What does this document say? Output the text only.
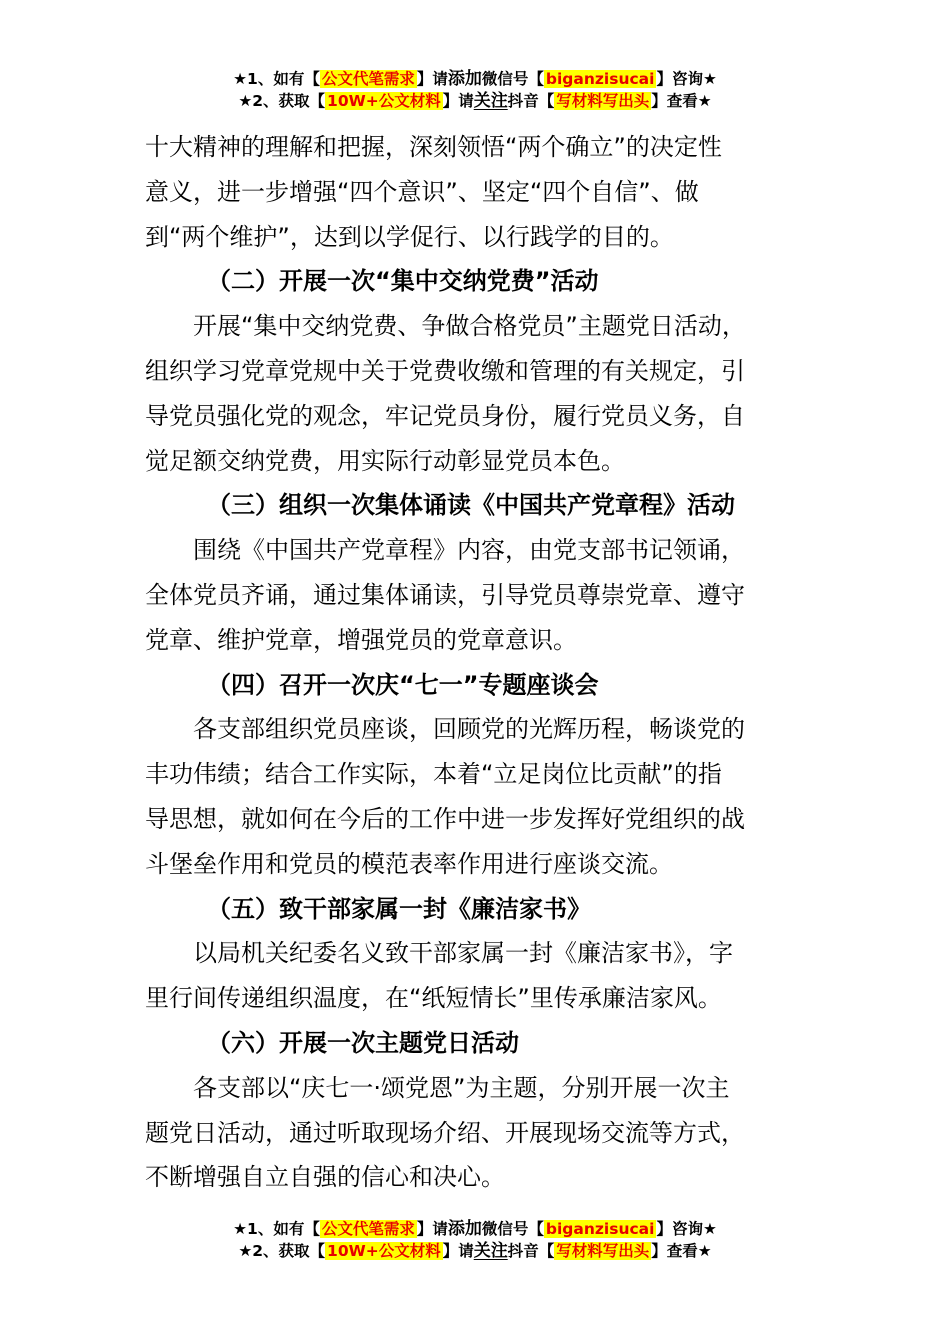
★1、如有【 公文代笔需求 】请添加微信号【 biganzisucai 】咨询★
★2、获取【 10W+公文材料 】请关注抖音【 写材料写出头 】查看★

十大精神的理解和把握，深刻领悟“两个确立”的决定性

意义，进一步增强“四个意识”、坚定“四个自信”、做

到“两个维护”，达到以学促行、以行践学的目的。

（二）开展一次“集中交纳党费”活动

开展“集中交纳党费、争做合格党员”主题党日活动，

组织学习党章党规中关于党费收缴和管理的有关规定，引

导党员强化党的观念，牢记党员身份，履行党员义务，自

觉足额交纳党费，用实际行动彰显党员本色。

（三）组织一次集体诵读《中国共产党章程》活动

围绕《中国共产党章程》内容，由党支部书记领诵，

全体党员齐诵，通过集体诵读，引导党员尊崇党章、遵守

党章、维护党章，增强党员的党章意识。

（四）召开一次庆“七一”专题座谈会

各支部组织党员座谈，回顾党的光辉历程，畅谈党的

丰功伟绩；结合工作实际，本着“立足岗位比贡献”的指

导思想，就如何在今后的工作中进一步发挥好党组织的战

斗堡垒作用和党员的模范表率作用进行座谈交流。

（五）致干部家属一封《廉洁家书》

以局机关纪委名义致干部家属一封《廉洁家书》，字

里行间传递组织温度，在“纸短情长”里传承廉洁家风。

（六）开展一次主题党日活动

各支部以“庆七一·颂党恩”为主题，分别开展一次主

题党日活动，通过听取现场介绍、开展现场交流等方式，

不断增强自立自强的信心和决心。

★1、如有【 公文代笔需求 】请添加微信号【 biganzisucai 】咨询★
★2、获取【 10W+公文材料 】请关注抖音【 写材料写出头 】查看★
